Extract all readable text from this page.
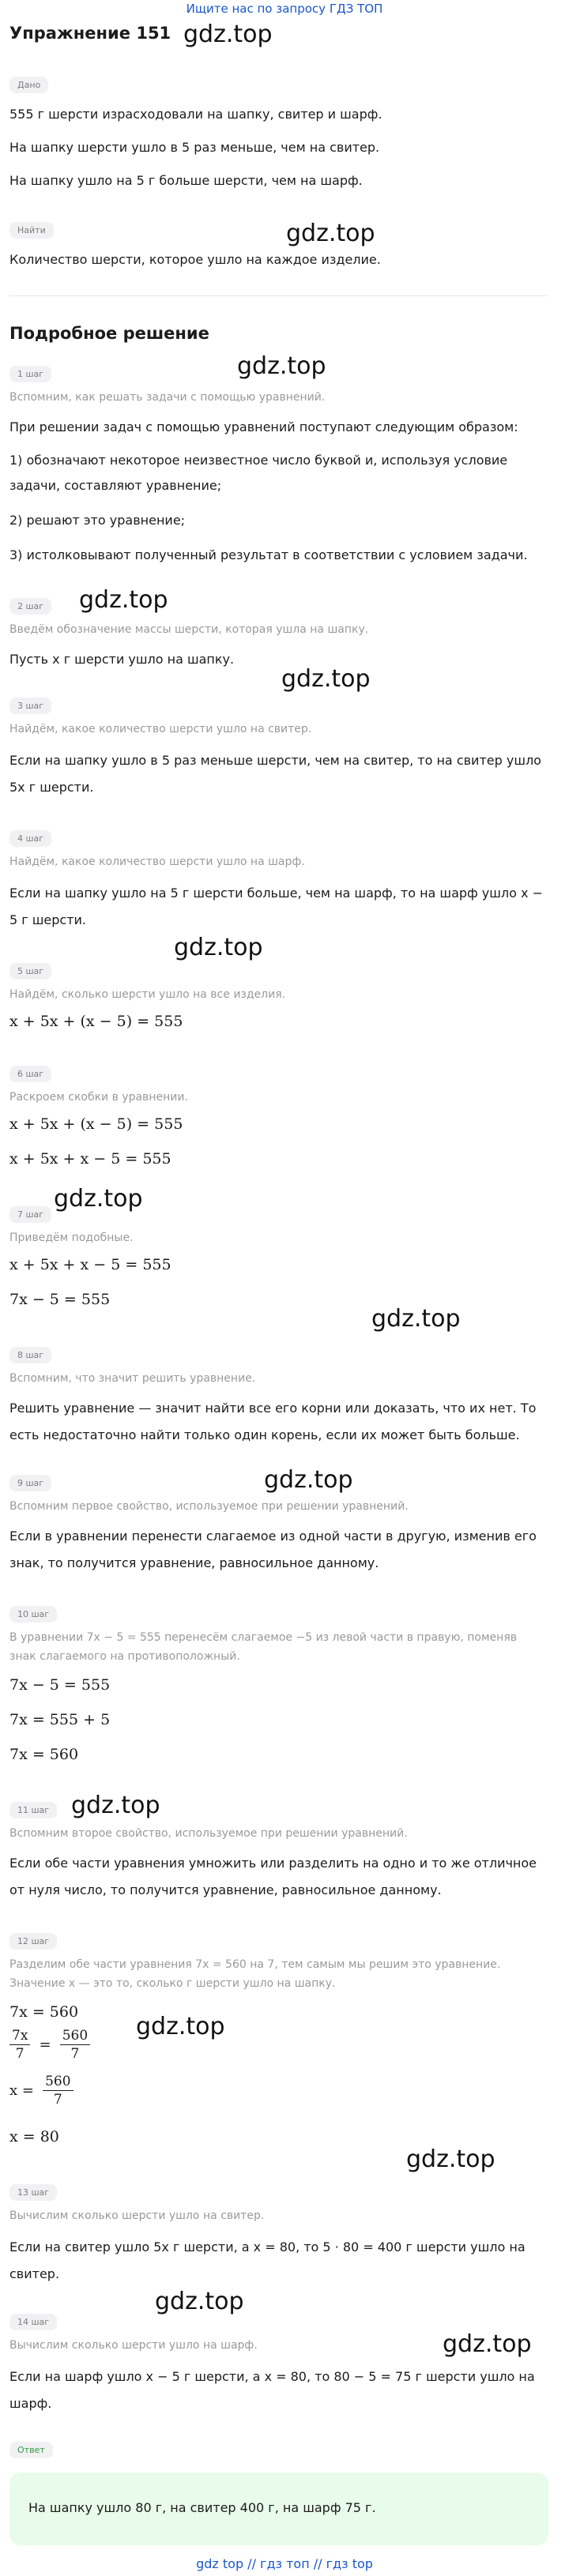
Ищите нас по запросу ГДЗ ТОП
Упражнение 151
Дано
555 г шерсти израсходовали на шапку, свитер и шарф.
На шапку шерсти ушло в 5 раз меньше, чем на свитер.
На шапку ушло на 5 г больше шерсти, чем на шарф.
Найти
Количество шерсти, которое ушло на каждое изделие.
Подробное решение
1 шаг
Вспомним, как решать задачи с помощью уравнений.
При решении задач с помощью уравнений поступают следующим образом:
1) обозначают некоторое неизвестное число буквой и, используя условие
задачи, составляют уравнение;
2) решают это уравнение;
3) истолковывают полученный результат в соответствии с условием задачи.
2 шаг
Введём обозначение массы шерсти, которая ушла на шапку.
Пусть x г шерсти ушло на шапку.
3 шаг
Найдём, какое количество шерсти ушло на свитер.
Если на шапку ушло в 5 раз меньше шерсти, чем на свитер, то на свитер ушло
5x г шерсти.
4 шаг
Найдём, какое количество шерсти ушло на шарф.
Если на шапку ушло на 5 г шерсти больше, чем на шарф, то на шарф ушло x −
5 г шерсти.
5 шаг
Найдём, сколько шерсти ушло на все изделия.
x + 5x + (x − 5) = 555
6 шаг
Раскроем скобки в уравнении.
x + 5x + (x − 5) = 555
x + 5x + x − 5 = 555
7 шаг
Приведём подобные.
x + 5x + x − 5 = 555
7x − 5 = 555
8 шаг
Вспомним, что значит решить уравнение.
Решить уравнение — значит найти все его корни или доказать, что их нет. То
есть недостаточно найти только один корень, если их может быть больше.
9 шаг
Вспомним первое свойство, используемое при решении уравнений.
Если в уравнении перенести слагаемое из одной части в другую, изменив его
знак, то получится уравнение, равносильное данному.
10 шаг
В уравнении 7x − 5 = 555 перенесём слагаемое −5 из левой части в правую, поменяв
знак слагаемого на противоположный.
7x − 5 = 555
7x = 555 + 5
7x = 560
11 шаг
Вспомним второе свойство, используемое при решении уравнений.
Если обе части уравнения умножить или разделить на одно и то же отличное
от нуля число, то получится уравнение, равносильное данному.
12 шаг
Разделим обе части уравнения 7x = 560 на 7, тем самым мы решим это уравнение.
Значение x — это то, сколько г шерсти ушло на шапку.
7x = 560
$\frac{7x}{7} = \frac{560}{7}$
$x = \frac{560}{7}$
x = 80
13 шаг
Вычислим сколько шерсти ушло на свитер.
Если на свитер ушло 5x г шерсти, а x = 80, то 5 · 80 = 400 г шерсти ушло на
свитер.
14 шаг
Вычислим сколько шерсти ушло на шарф.
Если на шарф ушло x − 5 г шерсти, а x = 80, то 80 − 5 = 75 г шерсти ушло на
шарф.
Ответ
На шапку ушло 80 г, на свитер 400 г, на шарф 75 г.
gdz top // гдз топ // гдз top
gdz.top
gdz.top
gdz.top
gdz.top
gdz.top
gdz.top
gdz.top
gdz.top
gdz.top
gdz.top
gdz.top
gdz.top
gdz.top
gdz.top
